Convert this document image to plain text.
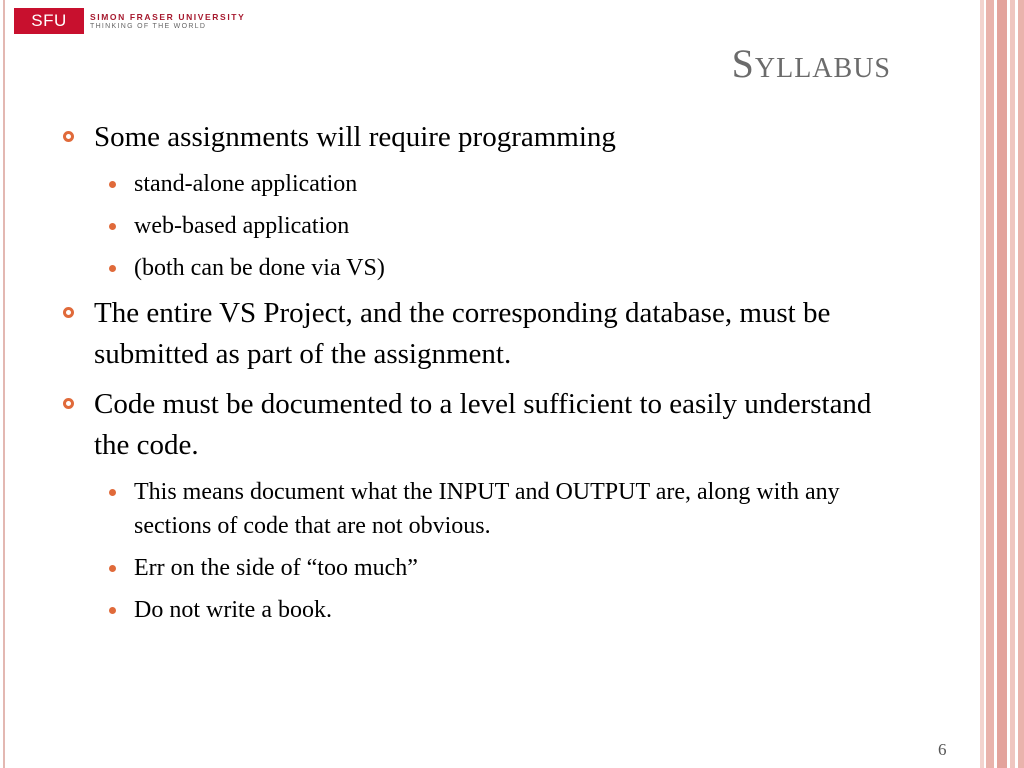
SFU	SIMON FRASER UNIVERSITY
THINKING OF THE WORLD
Syllabus
Some assignments will require programming
stand-alone application
web-based application
(both can be done via VS)
The entire VS Project, and the corresponding database, must be submitted as part of the assignment.
Code must be documented to a level sufficient to easily understand the code.
This means document what the INPUT and OUTPUT are, along with any sections of code that are not obvious.
Err on the side of “too much”
Do not write a book.
6
